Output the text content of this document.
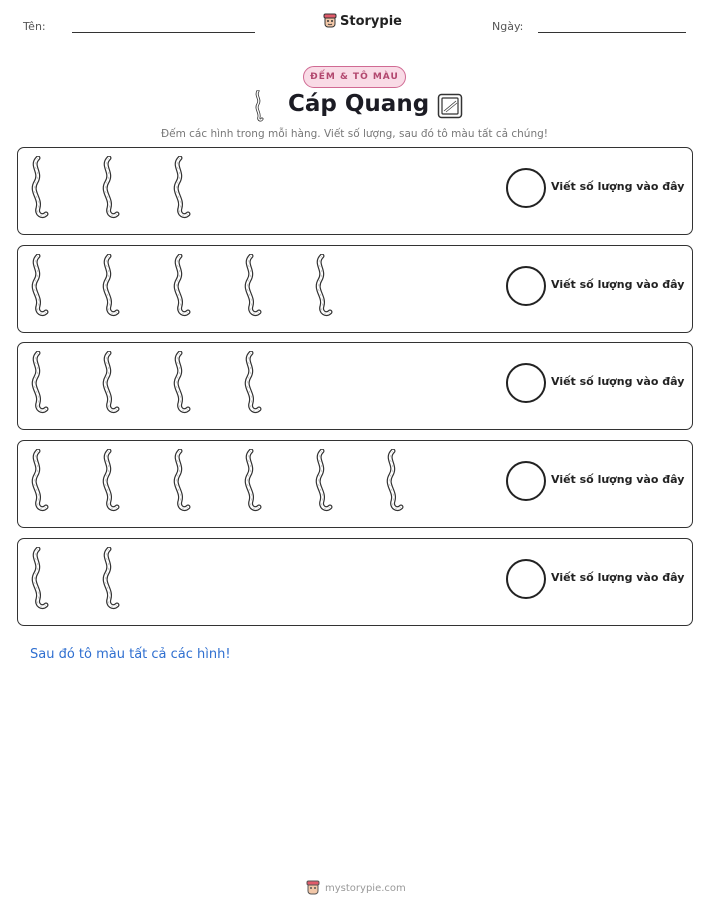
Tên:	Storypie	Ngày:
ĐẾM & TÔ MÀU
Cáp Quang
Đếm các hình trong mỗi hàng. Viết số lượng, sau đó tô màu tất cả chúng!
Viết số lượng vào đây
Viết số lượng vào đây
Viết số lượng vào đây
Viết số lượng vào đây
Viết số lượng vào đây
Sau đó tô màu tất cả các hình!
mystorypie.com
